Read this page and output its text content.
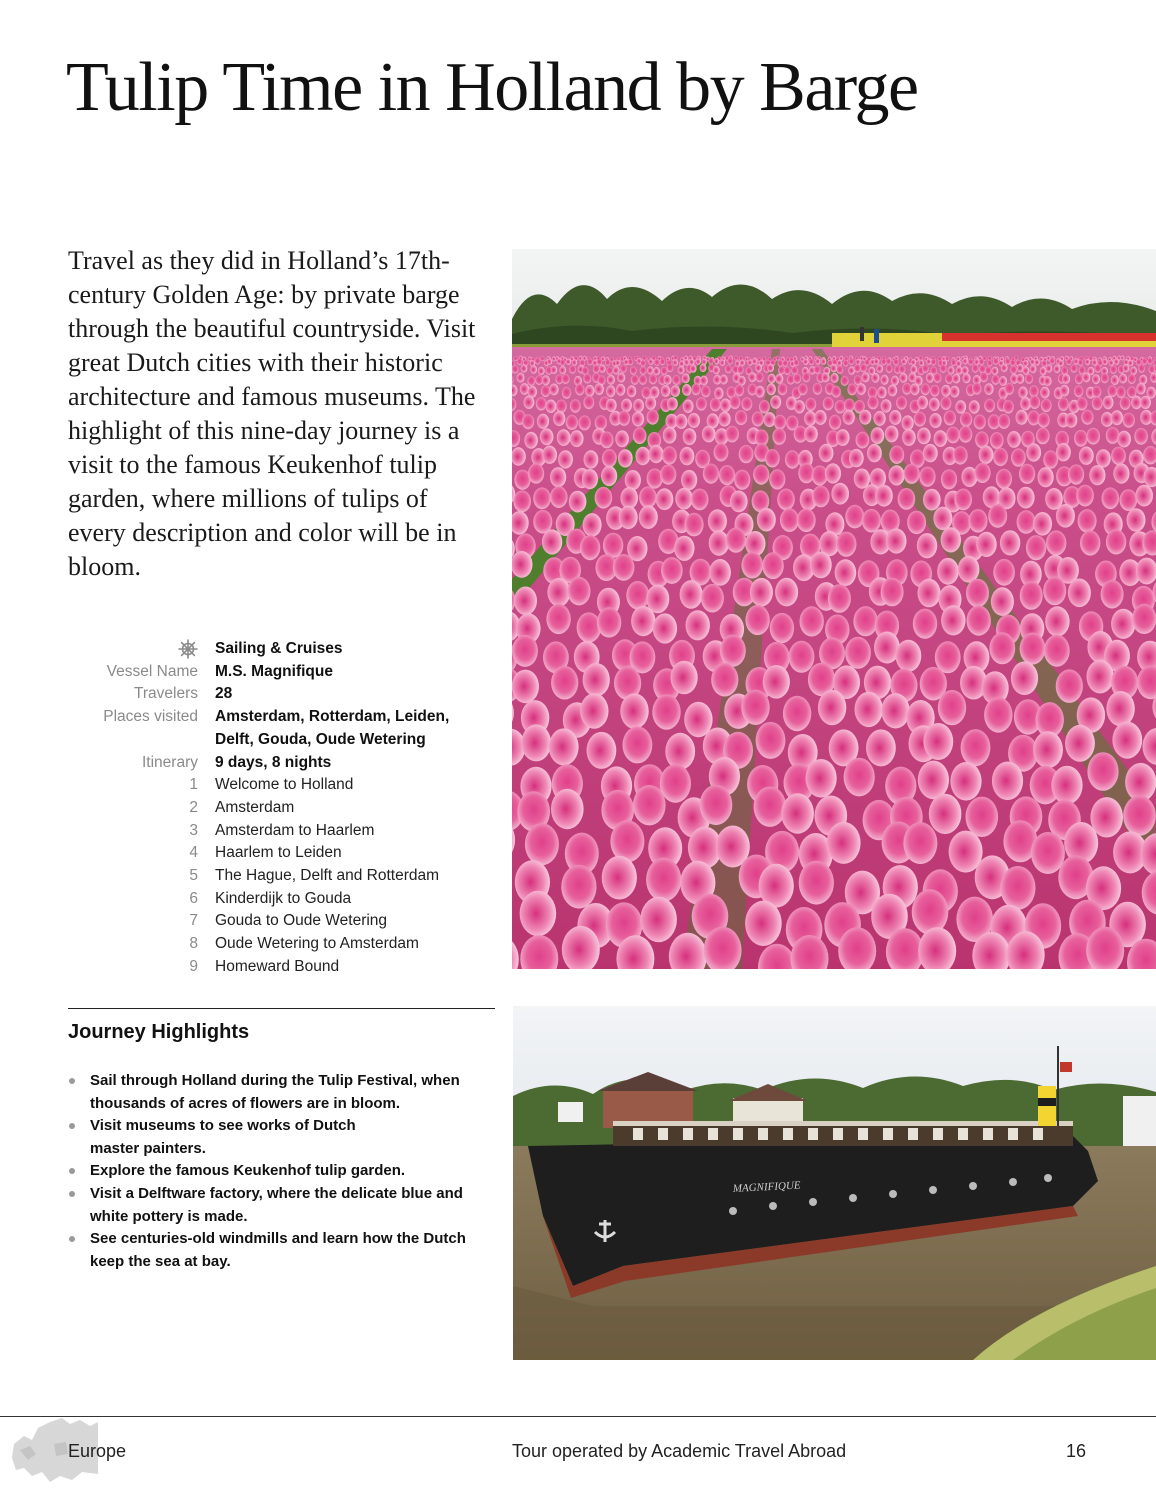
Tulip Time in Holland by Barge

Travel as they did in Holland’s 17th-century Golden Age: by private barge through the beautiful countryside. Visit great Dutch cities with their historic architecture and famous museums. The highlight of this nine-day journey is a visit to the famous Keukenhof tulip garden, where millions of tulips of every description and color will be in bloom.

Sailing & Cruises
Vessel Name	M.S. Magnifique
Travelers	28
Places visited	Amsterdam, Rotterdam, Leiden,
Delft, Gouda, Oude Wetering
Itinerary	9 days, 8 nights
1	Welcome to Holland
2	Amsterdam
3	Amsterdam to Haarlem
4	Haarlem to Leiden
5	The Hague, Delft and Rotterdam
6	Kinderdijk to Gouda
7	Gouda to Oude Wetering
8	Oude Wetering to Amsterdam
9	Homeward Bound
Journey Highlights
Sail through Holland during the Tulip Festival, when
thousands of acres of flowers are in bloom.
Visit museums to see works of Dutch
master painters.
Explore the famous Keukenhof tulip garden.
Visit a Delftware factory, where the delicate blue and
white pottery is made.
See centuries-old windmills and learn how the Dutch
keep the sea at bay.
MAGNIFIQUE
Europe	Tour operated by Academic Travel Abroad	16
